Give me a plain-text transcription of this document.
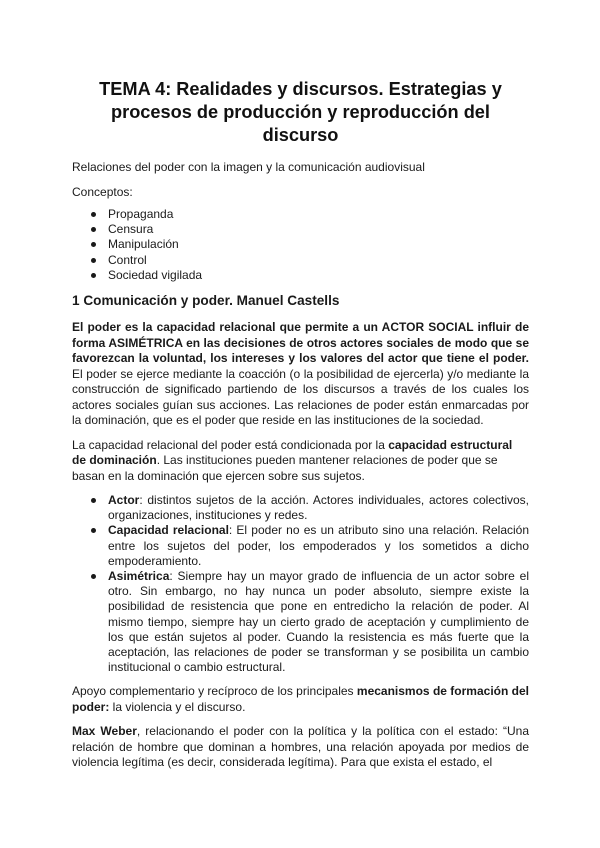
TEMA 4: Realidades y discursos. Estrategias y procesos de producción y reproducción del discurso

Relaciones del poder con la imagen y la comunicación audiovisual

Conceptos:

Propaganda
Censura
Manipulación
Control
Sociedad vigilada
1 Comunicación y poder. Manuel Castells

El poder es la capacidad relacional que permite a un ACTOR SOCIAL influir de forma ASIMÉTRICA en las decisiones de otros actores sociales de modo que se favorezcan la voluntad, los intereses y los valores del actor que tiene el poder. El poder se ejerce mediante la coacción (o la posibilidad de ejercerla) y/o mediante la construcción de significado partiendo de los discursos a través de los cuales los actores sociales guían sus acciones. Las relaciones de poder están enmarcadas por la dominación, que es el poder que reside en las instituciones de la sociedad.

La capacidad relacional del poder está condicionada por la capacidad estructural de dominación. Las instituciones pueden mantener relaciones de poder que se basan en la dominación que ejercen sobre sus sujetos.

Actor: distintos sujetos de la acción. Actores individuales, actores colectivos, organizaciones, instituciones y redes.
Capacidad relacional: El poder no es un atributo sino una relación. Relación entre los sujetos del poder, los empoderados y los sometidos a dicho empoderamiento.
Asimétrica: Siempre hay un mayor grado de influencia de un actor sobre el otro. Sin embargo, no hay nunca un poder absoluto, siempre existe la posibilidad de resistencia que pone en entredicho la relación de poder. Al mismo tiempo, siempre hay un cierto grado de aceptación y cumplimiento de los que están sujetos al poder. Cuando la resistencia es más fuerte que la aceptación, las relaciones de poder se transforman y se posibilita un cambio institucional o cambio estructural.

Apoyo complementario y recíproco de los principales mecanismos de formación del poder: la violencia y el discurso.

Max Weber, relacionando el poder con la política y la política con el estado: “Una relación de hombre que dominan a hombres, una relación apoyada por medios de violencia legítima (es decir, considerada legítima). Para que exista el estado, el
